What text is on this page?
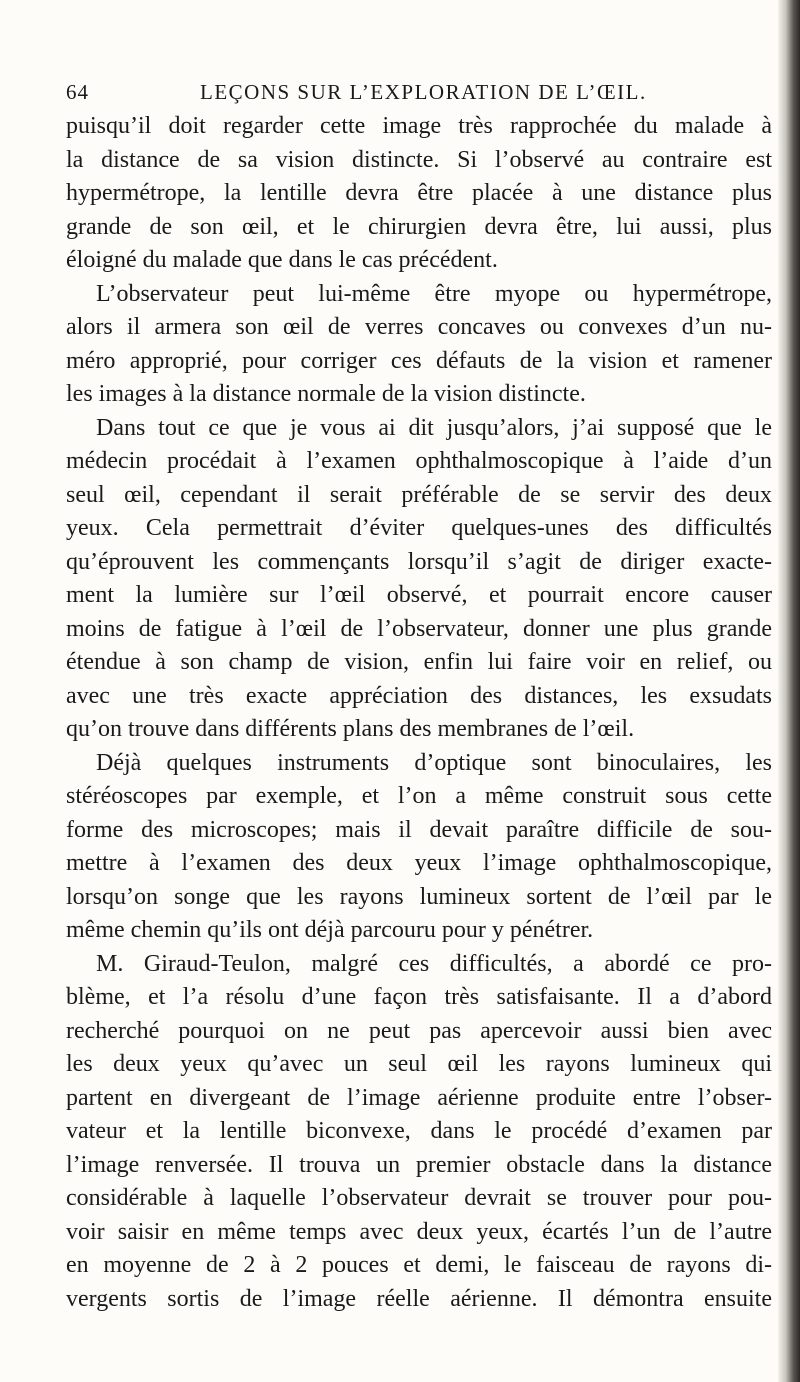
64	LEÇONS SUR L’EXPLORATION DE L’ŒIL.
puisqu’il doit regarder cette image très rapprochée du malade à
la distance de sa vision distincte. Si l’observé au contraire est
hypermétrope, la lentille devra être placée à une distance plus
grande de son œil, et le chirurgien devra être, lui aussi, plus
éloigné du malade que dans le cas précédent.
L’observateur peut lui-même être myope ou hypermétrope,
alors il armera son œil de verres concaves ou convexes d’un nu-
méro approprié, pour corriger ces défauts de la vision et ramener
les images à la distance normale de la vision distincte.
Dans tout ce que je vous ai dit jusqu’alors, j’ai supposé que le
médecin procédait à l’examen ophthalmoscopique à l’aide d’un
seul œil, cependant il serait préférable de se servir des deux
yeux. Cela permettrait d’éviter quelques-unes des difficultés
qu’éprouvent les commençants lorsqu’il s’agit de diriger exacte-
ment la lumière sur l’œil observé, et pourrait encore causer
moins de fatigue à l’œil de l’observateur, donner une plus grande
étendue à son champ de vision, enfin lui faire voir en relief, ou
avec une très exacte appréciation des distances, les exsudats
qu’on trouve dans différents plans des membranes de l’œil.
Déjà quelques instruments d’optique sont binoculaires, les
stéréoscopes par exemple, et l’on a même construit sous cette
forme des microscopes; mais il devait paraître difficile de sou-
mettre à l’examen des deux yeux l’image ophthalmoscopique,
lorsqu’on songe que les rayons lumineux sortent de l’œil par le
même chemin qu’ils ont déjà parcouru pour y pénétrer.
M. Giraud-Teulon, malgré ces difficultés, a abordé ce pro-
blème, et l’a résolu d’une façon très satisfaisante. Il a d’abord
recherché pourquoi on ne peut pas apercevoir aussi bien avec
les deux yeux qu’avec un seul œil les rayons lumineux qui
partent en divergeant de l’image aérienne produite entre l’obser-
vateur et la lentille biconvexe, dans le procédé d’examen par
l’image renversée. Il trouva un premier obstacle dans la distance
considérable à laquelle l’observateur devrait se trouver pour pou-
voir saisir en même temps avec deux yeux, écartés l’un de l’autre
en moyenne de 2 à 2 pouces et demi, le faisceau de rayons di-
vergents sortis de l’image réelle aérienne. Il démontra ensuite
